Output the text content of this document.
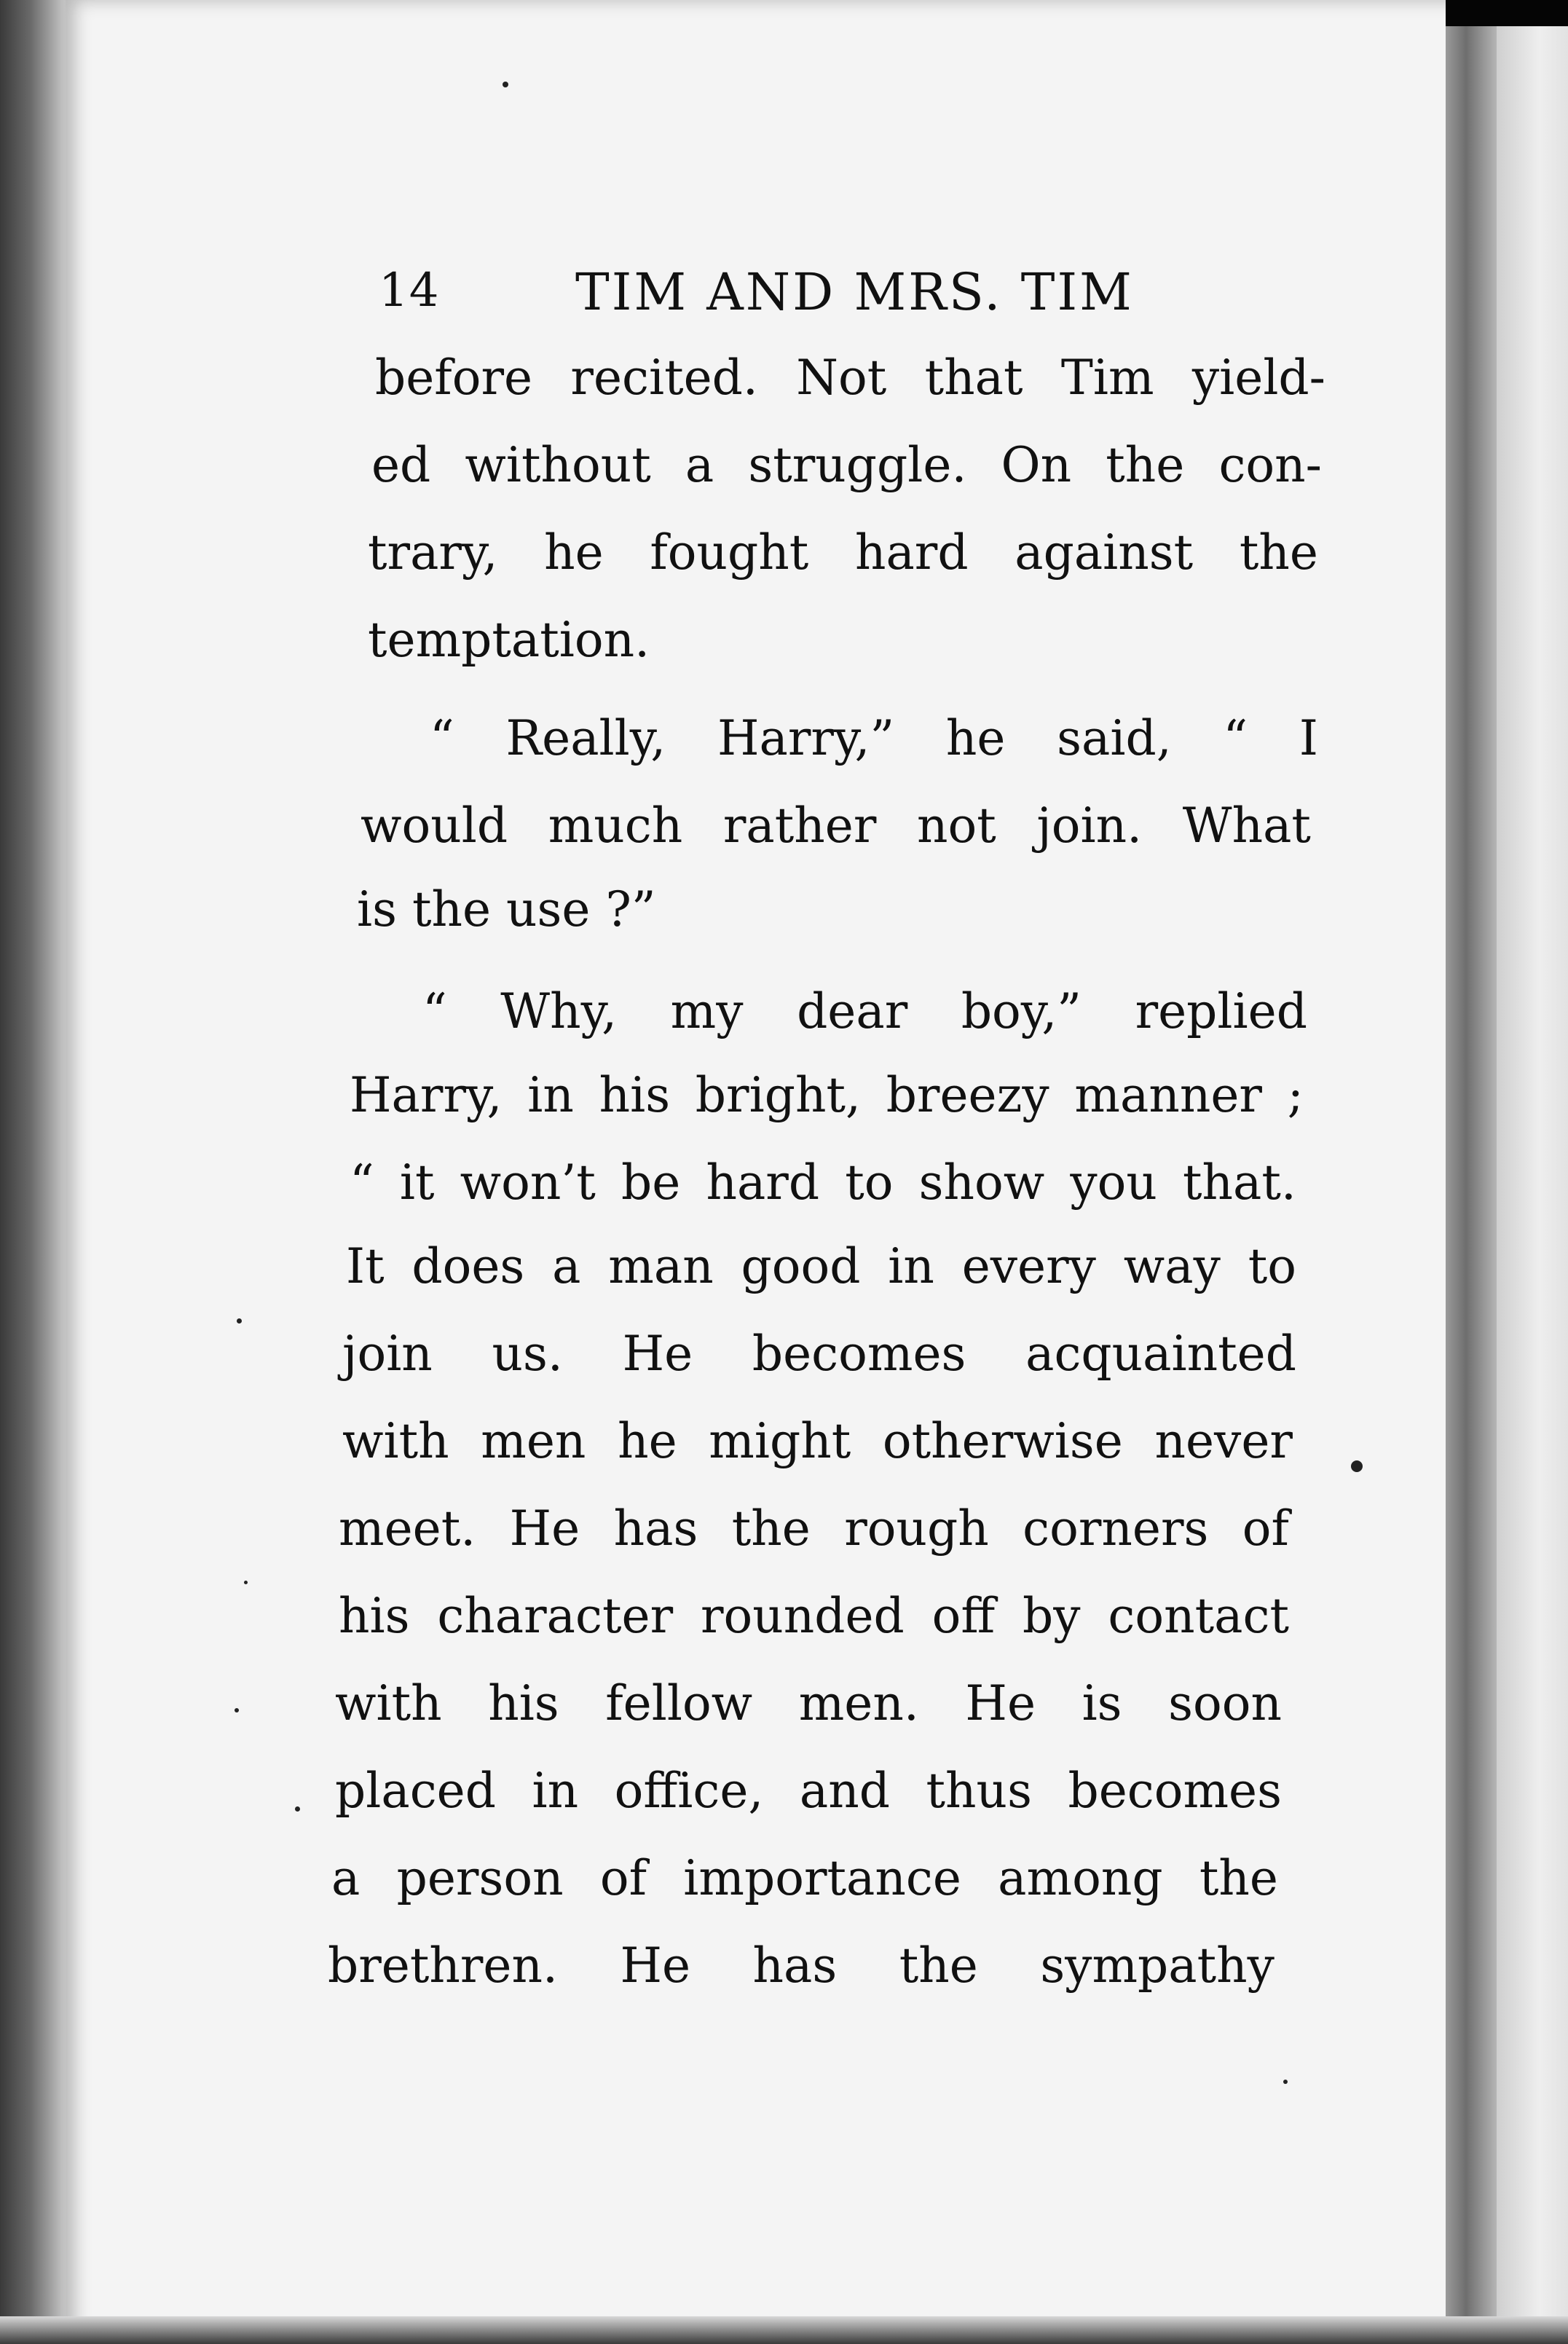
14	TIM AND MRS. TIM
before recited. Not that Tim yield-
ed without a struggle. On the con-
trary, he fought hard against the
temptation.
“ Really, Harry,” he said, “ I
would much rather not join. What
is the use ?”
“ Why, my dear boy,” replied
Harry, in his bright, breezy manner ;
“ it won’t be hard to show you that.
It does a man good in every way to
join us. He becomes acquainted
with men he might otherwise never
meet. He has the rough corners of
his character rounded off by contact
with his fellow men. He is soon
placed in office, and thus becomes
a person of importance among the
brethren. He has the sympathy
